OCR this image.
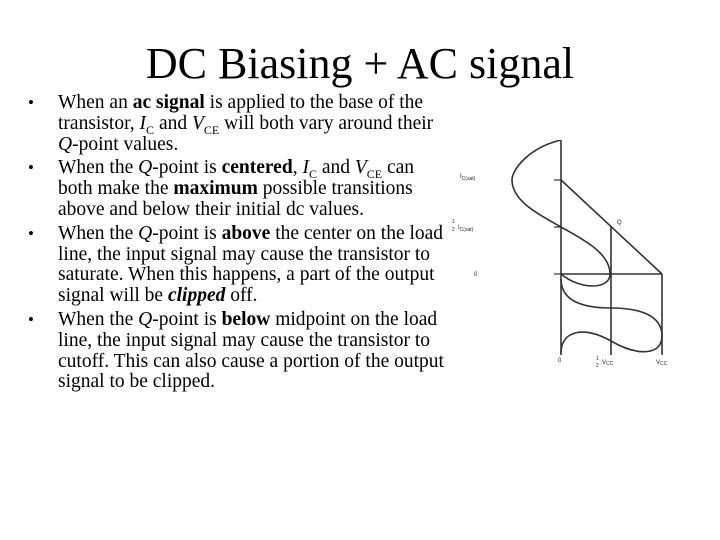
DC Biasing + AC signal
• When an ac signal is applied to the base of the transistor, $I_C$ and $V_{CE}$ will both vary around their Q-point values.
• When the Q-point is centered, $I_C$ and $V_{CE}$ can both make the maximum possible transitions above and below their initial dc values.
• When the Q-point is above the center on the load line, the input signal may cause the transistor to saturate. When this happens, a part of the output signal will be clipped off.
• When the Q-point is below midpoint on the load line, the input signal may cause the transistor to cutoff. This can also cause a portion of the output signal to be clipped.
$I_{C(sat)}$
1
2 $I_{C(sat)}$
0
Q
0	1
2 VCC	VCC
